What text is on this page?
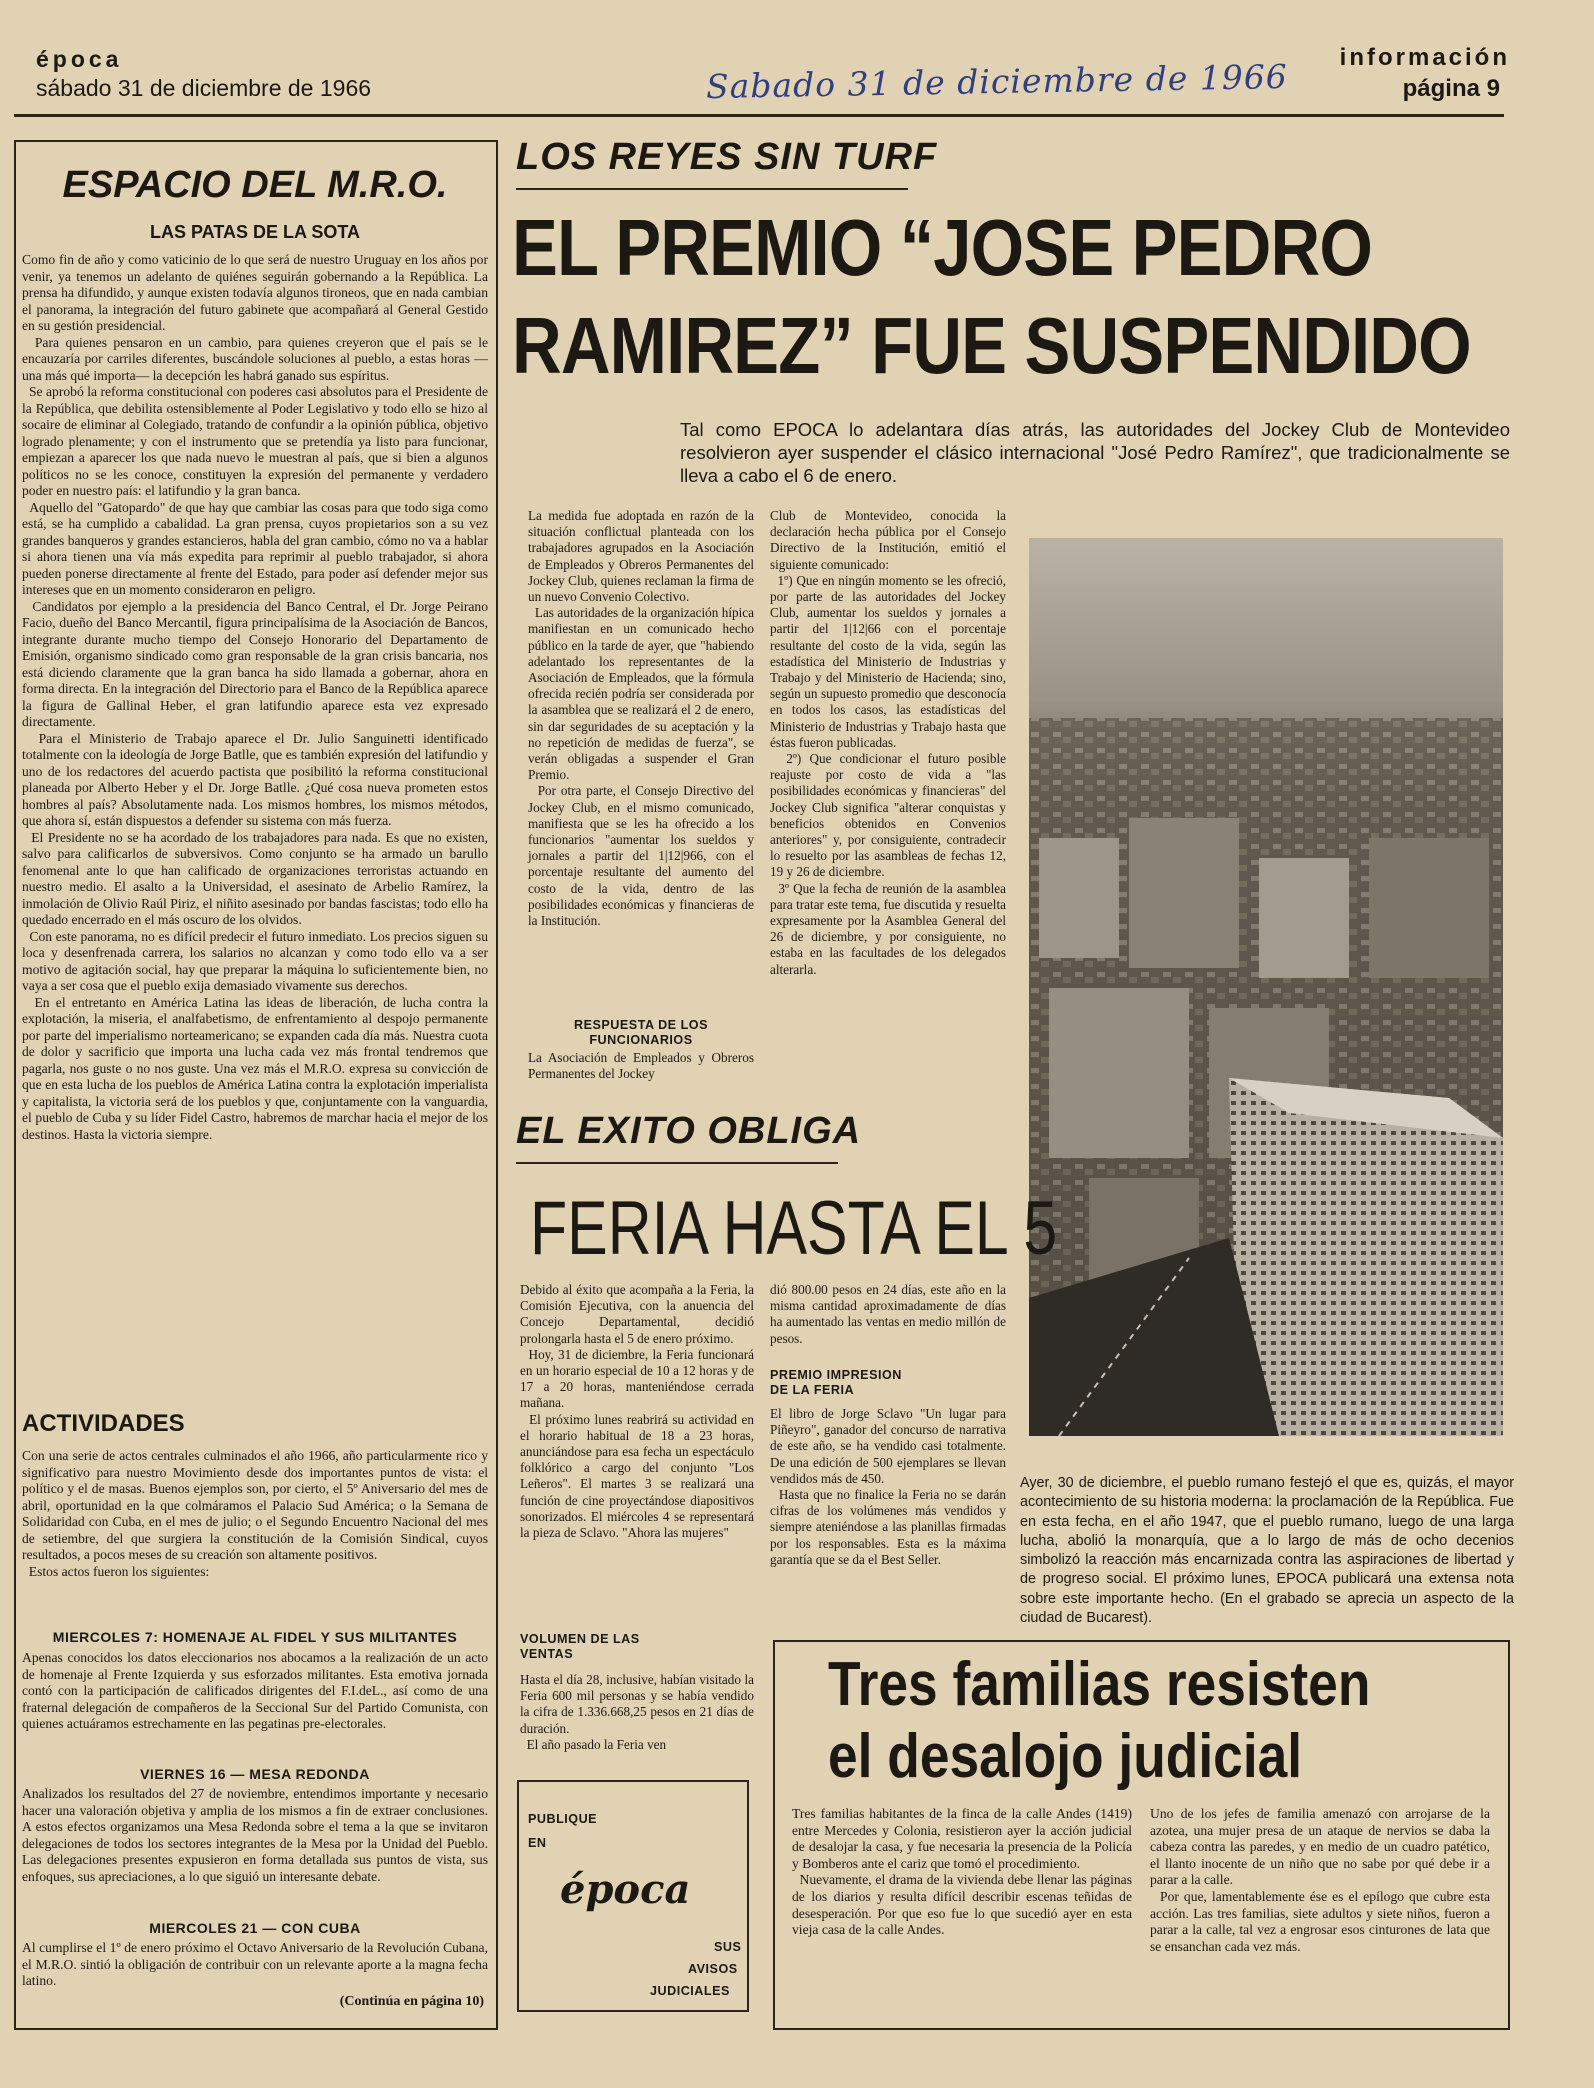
época
sábado 31 de diciembre de 1966	Sabado 31 de diciembre de 1966 información
página 9
ESPACIO DEL M.R.O.
LAS PATAS DE LA SOTA

Como fin de año y como vaticinio de lo que será de nuestro Uruguay en los años por venir, ya tenemos un adelanto de quiénes seguirán gobernando a la República. La prensa ha difundido, y aunque existen todavía algunos tironeos, que en nada cambian el panorama, la integración del futuro gabinete que acompañará al General Gestido en su gestión presidencial.
Para quienes pensaron en un cambio, para quienes creyeron que el país se le encauzaría por carriles diferentes, buscándole soluciones al pueblo, a estas horas —una más qué importa— la decepción les habrá ganado sus espíritus.
Se aprobó la reforma constitucional con poderes casi absolutos para el Presidente de la República, que debilita ostensiblemente al Poder Legislativo y todo ello se hizo al socaire de eliminar al Colegiado, tratando de confundir a la opinión pública, objetivo logrado plenamente; y con el instrumento que se pretendía ya listo para funcionar, empiezan a aparecer los que nada nuevo le muestran al país, que si bien a algunos políticos no se les conoce, constituyen la expresión del permanente y verdadero poder en nuestro país: el latifundio y la gran banca.
Aquello del "Gatopardo" de que hay que cambiar las cosas para que todo siga como está, se ha cumplido a cabalidad. La gran prensa, cuyos propietarios son a su vez grandes banqueros y grandes estancieros, habla del gran cambio, cómo no va a hablar si ahora tienen una vía más expedita para reprimir al pueblo trabajador, si ahora pueden ponerse directamente al frente del Estado, para poder así defender mejor sus intereses que en un momento consideraron en peligro.
Candidatos por ejemplo a la presidencia del Banco Central, el Dr. Jorge Peirano Facio, dueño del Banco Mercantil, figura principalísima de la Asociación de Bancos, integrante durante mucho tiempo del Consejo Honorario del Departamento de Emisión, organismo sindicado como gran responsable de la gran crisis bancaria, nos está diciendo claramente que la gran banca ha sido llamada a gobernar, ahora en forma directa. En la integración del Directorio para el Banco de la República aparece la figura de Gallinal Heber, el gran latifundio aparece esta vez expresado directamente.
Para el Ministerio de Trabajo aparece el Dr. Julio Sanguinetti identificado totalmente con la ideología de Jorge Batlle, que es también expresión del latifundio y uno de los redactores del acuerdo pactista que posibilitó la reforma constitucional planeada por Alberto Heber y el Dr. Jorge Batlle. ¿Qué cosa nueva prometen estos hombres al país? Absolutamente nada. Los mismos hombres, los mismos métodos, que ahora sí, están dispuestos a defender su sistema con más fuerza.
El Presidente no se ha acordado de los trabajadores para nada. Es que no existen, salvo para calificarlos de subversivos. Como conjunto se ha armado un barullo fenomenal ante lo que han calificado de organizaciones terroristas actuando en nuestro medio. El asalto a la Universidad, el asesinato de Arbelio Ramírez, la inmolación de Olivio Raúl Piriz, el niñito asesinado por bandas fascistas; todo ello ha quedado encerrado en el más oscuro de los olvidos.
Con este panorama, no es difícil predecir el futuro inmediato. Los precios siguen su loca y desenfrenada carrera, los salarios no alcanzan y como todo ello va a ser motivo de agitación social, hay que preparar la máquina lo suficientemente bien, no vaya a ser cosa que el pueblo exija demasiado vivamente sus derechos.
En el entretanto en América Latina las ideas de liberación, de lucha contra la explotación, la miseria, el analfabetismo, de enfrentamiento al despojo permanente por parte del imperialismo norteamericano; se expanden cada día más. Nuestra cuota de dolor y sacrificio que importa una lucha cada vez más frontal tendremos que pagarla, nos guste o no nos guste. Una vez más el M.R.O. expresa su convicción de que en esta lucha de los pueblos de América Latina contra la explotación imperialista y capitalista, la victoria será de los pueblos y que, conjuntamente con la vanguardia, el pueblo de Cuba y su líder Fidel Castro, habremos de marchar hacia el mejor de los destinos. Hasta la victoria siempre.

ACTIVIDADES

Con una serie de actos centrales culminados el año 1966, año particularmente rico y significativo para nuestro Movimiento desde dos importantes puntos de vista: el político y el de masas. Buenos ejemplos son, por cierto, el 5º Aniversario del mes de abril, oportunidad en la que colmáramos el Palacio Sud América; o la Semana de Solidaridad con Cuba, en el mes de julio; o el Segundo Encuentro Nacional del mes de setiembre, del que surgiera la constitución de la Comisión Sindical, cuyos resultados, a pocos meses de su creación son altamente positivos.
Estos actos fueron los siguientes:

MIERCOLES 7: HOMENAJE AL FIDEL Y SUS MILITANTES

Apenas conocidos los datos eleccionarios nos abocamos a la realización de un acto de homenaje al Frente Izquierda y sus esforzados militantes. Esta emotiva jornada contó con la participación de calificados dirigentes del F.I.deL., así como de una fraternal delegación de compañeros de la Seccional Sur del Partido Comunista, con quienes actuáramos estrechamente en las pegatinas pre-electorales.

VIERNES 16 — MESA REDONDA

Analizados los resultados del 27 de noviembre, entendimos importante y necesario hacer una valoración objetiva y amplia de los mismos a fin de extraer conclusiones. A estos efectos organizamos una Mesa Redonda sobre el tema a la que se invitaron delegaciones de todos los sectores integrantes de la Mesa por la Unidad del Pueblo. Las delegaciones presentes expusieron en forma detallada sus puntos de vista, sus enfoques, sus apreciaciones, a lo que siguió un interesante debate.

MIERCOLES 21 — CON CUBA

Al cumplirse el 1º de enero próximo el Octavo Aniversario de la Revolución Cubana, el M.R.O. sintió la obligación de contribuir con un relevante aporte a la magna fecha latino.

(Continúa en página 10)
LOS REYES SIN TURF
EL PREMIO “JOSE PEDRO
RAMIREZ” FUE SUSPENDIDO

Tal como EPOCA lo adelantara días atrás, las autoridades del Jockey Club de Montevideo resolvieron ayer suspender el clásico internacional "José Pedro Ramírez", que tradicionalmente se lleva a cabo el 6 de enero.

La medida fue adoptada en razón de la situación conflictual planteada con los trabajadores agrupados en la Asociación de Empleados y Obreros Permanentes del Jockey Club, quienes reclaman la firma de un nuevo Convenio Colectivo.
Las autoridades de la organización hípica manifiestan en un comunicado hecho público en la tarde de ayer, que "habiendo adelantado los representantes de la Asociación de Empleados, que la fórmula ofrecida recién podría ser considerada por la asamblea que se realizará el 2 de enero, sin dar seguridades de su aceptación y la no repetición de medidas de fuerza", se verán obligadas a suspender el Gran Premio.
Por otra parte, el Consejo Directivo del Jockey Club, en el mismo comunicado, manifiesta que se les ha ofrecido a los funcionarios "aumentar los sueldos y jornales a partir del 1|12|966, con el porcentaje resultante del aumento del costo de la vida, dentro de las posibilidades económicas y financieras de la Institución.

RESPUESTA DE LOS FUNCIONARIOS

La Asociación de Empleados y Obreros Permanentes del Jockey

Club de Montevideo, conocida la declaración hecha pública por el Consejo Directivo de la Institución, emitió el siguiente comunicado:
1º) Que en ningún momento se les ofreció, por parte de las autoridades del Jockey Club, aumentar los sueldos y jornales a partir del 1|12|66 con el porcentaje resultante del costo de la vida, según las estadística del Ministerio de Industrias y Trabajo y del Ministerio de Hacienda; sino, según un supuesto promedio que desconocía en todos los casos, las estadísticas del Ministerio de Industrias y Trabajo hasta que éstas fueron publicadas.
2º) Que condicionar el futuro posible reajuste por costo de vida a "las posibilidades económicas y financieras" del Jockey Club significa "alterar conquistas y beneficios obtenidos en Convenios anteriores" y, por consiguiente, contradecir lo resuelto por las asambleas de fechas 12, 19 y 26 de diciembre.
3º Que la fecha de reunión de la asamblea para tratar este tema, fue discutida y resuelta expresamente por la Asamblea General del 26 de diciembre, y por consiguiente, no estaba en las facultades de los delegados alterarla.

Ayer, 30 de diciembre, el pueblo rumano festejó el que es, quizás, el mayor acontecimiento de su historia moderna: la proclamación de la República. Fue en esta fecha, en el año 1947, que el pueblo rumano, luego de una larga lucha, abolió la monarquía, que a lo largo de más de ocho decenios simbolizó la reacción más encarnizada contra las aspiraciones de libertad y de progreso social. El próximo lunes, EPOCA publicará una extensa nota sobre este importante hecho. (En el grabado se aprecia un aspecto de la ciudad de Bucarest).

EL EXITO OBLIGA
FERIA HASTA EL 5

Debido al éxito que acompaña a la Feria, la Comisión Ejecutiva, con la anuencia del Concejo Departamental, decidió prolongarla hasta el 5 de enero próximo.
Hoy, 31 de diciembre, la Feria funcionará en un horario especial de 10 a 12 horas y de 17 a 20 horas, manteniéndose cerrada mañana.
El próximo lunes reabrirá su actividad en el horario habitual de 18 a 23 horas, anunciándose para esa fecha un espectáculo folklórico a cargo del conjunto "Los Leñeros". El martes 3 se realizará una función de cine proyectándose diapositivos sonorizados. El miércoles 4 se representará la pieza de Sclavo. "Ahora las mujeres"

VOLUMEN DE LAS VENTAS

Hasta el día 28, inclusive, habían visitado la Feria 600 mil personas y se había vendido la cifra de 1.336.668,25 pesos en 21 días de duración.
El año pasado la Feria ven

dió 800.00 pesos en 24 días, este año en la misma cantidad aproximadamente de días ha aumentado las ventas en medio millón de pesos.

PREMIO IMPRESION DE LA FERIA

El libro de Jorge Sclavo "Un lugar para Piñeyro", ganador del concurso de narrativa de este año, se ha vendido casi totalmente. De una edición de 500 ejemplares se llevan vendidos más de 450.
Hasta que no finalice la Feria no se darán cifras de los volúmenes más vendidos y siempre ateniéndose a las planillas firmadas por los responsables. Esta es la máxima garantía que se da el Best Seller.

PUBLIQUE
EN
época
SUS
AVISOS
JUDICIALES
Tres familias resisten
el desalojo judicial

Tres familias habitantes de la finca de la calle Andes (1419) entre Mercedes y Colonia, resistieron ayer la acción judicial de desalojar la casa, y fue necesaria la presencia de la Policía y Bomberos ante el cariz que tomó el procedimiento.
Nuevamente, el drama de la vivienda debe llenar las páginas de los diarios y resulta difícil describir escenas teñidas de desesperación. Por que eso fue lo que sucedió ayer en esta vieja casa de la calle Andes.

Uno de los jefes de familia amenazó con arrojarse de la azotea, una mujer presa de un ataque de nervios se daba la cabeza contra las paredes, y en medio de un cuadro patético, el llanto inocente de un niño que no sabe por qué debe ir a parar a la calle.
Por que, lamentablemente ése es el epílogo que cubre esta acción. Las tres familias, siete adultos y siete niños, fueron a parar a la calle, tal vez a engrosar esos cinturones de lata que se ensanchan cada vez más.
